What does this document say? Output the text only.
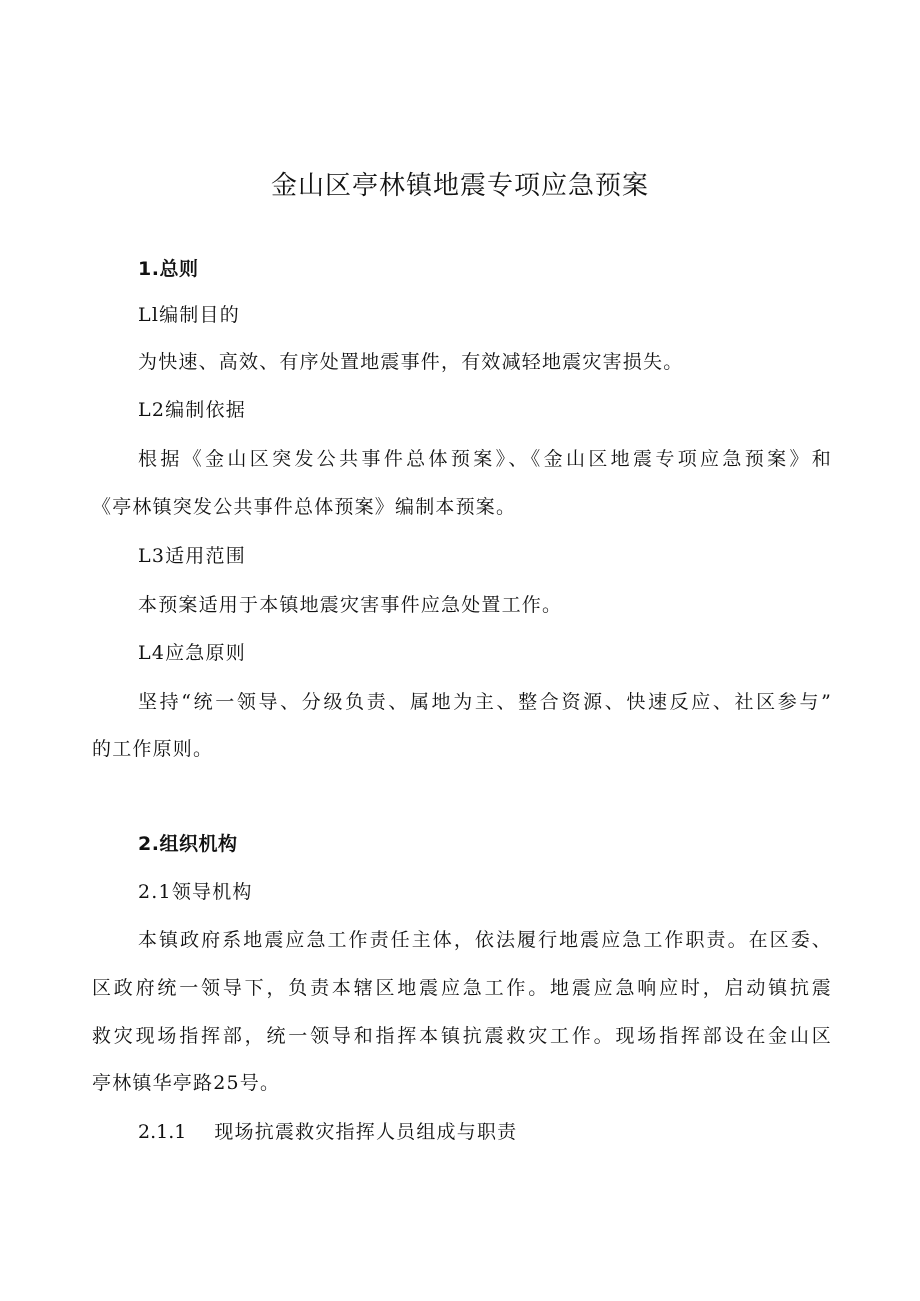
金山区亭林镇地震专项应急预案
1.总则
Ll编制目的
为快速、高效、有序处置地震事件，有效减轻地震灾害损失。
L2编制依据
根据《金山区突发公共事件总体预案》、《金山区地震专项应急预案》和
《亭林镇突发公共事件总体预案》编制本预案。
L3适用范围
本预案适用于本镇地震灾害事件应急处置工作。
L4应急原则
坚持“统一领导、分级负责、属地为主、整合资源、快速反应、社区参与”
的工作原则。
2.组织机构
2.1领导机构
本镇政府系地震应急工作责任主体，依法履行地震应急工作职责。在区委、
区政府统一领导下，负责本辖区地震应急工作。地震应急响应时，启动镇抗震
救灾现场指挥部，统一领导和指挥本镇抗震救灾工作。现场指挥部设在金山区
亭林镇华亭路25号。
2.1.1 现场抗震救灾指挥人员组成与职责
